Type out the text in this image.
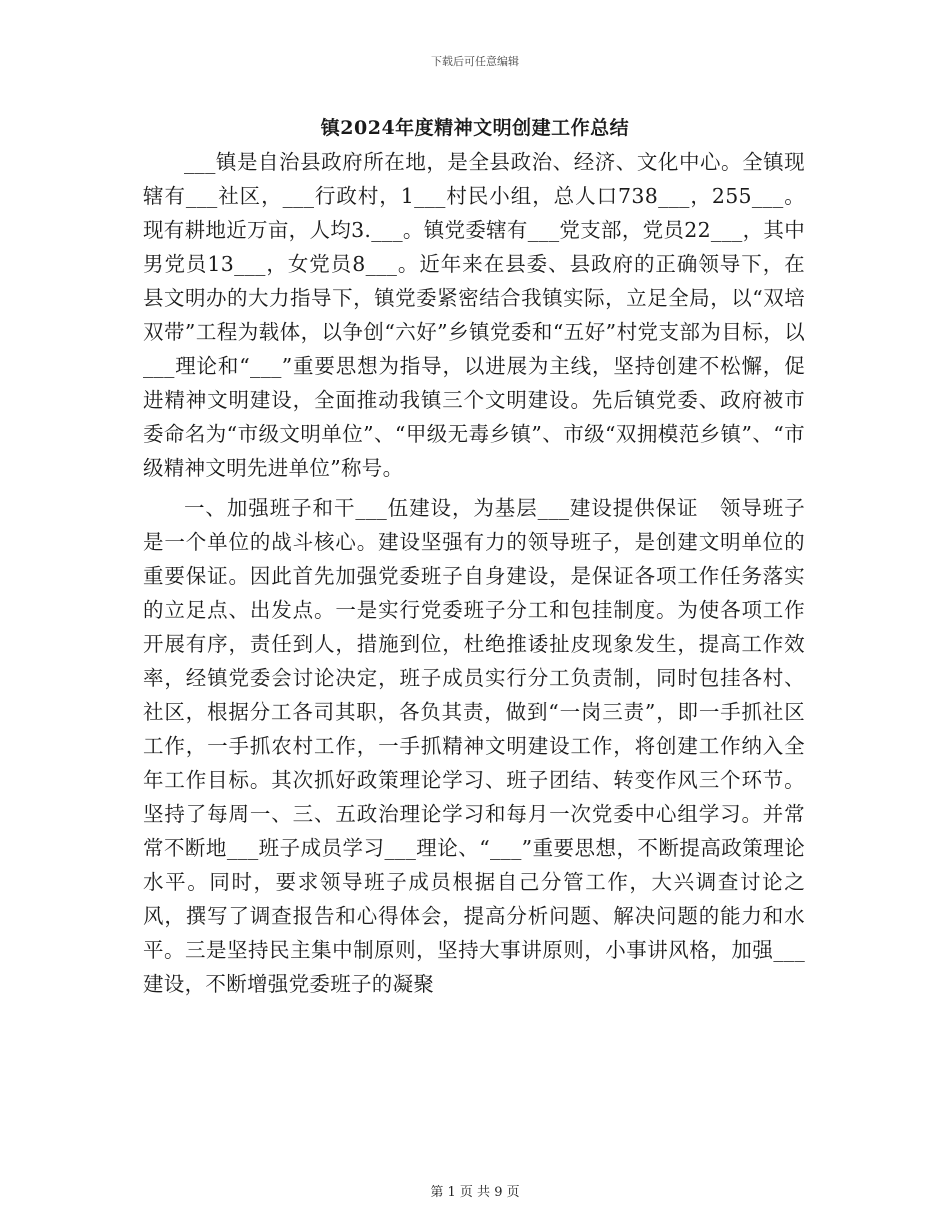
下载后可任意编辑
镇2024年度精神文明创建工作总结

___镇是自治县政府所在地，是全县政治、经济、文化中心。全镇现辖有___社区，___行政村，1___村民小组，总人口738___，255___。现有耕地近万亩，人均3.___。镇党委辖有___党支部，党员22___，其中男党员13___，女党员8___。近年来在县委、县政府的正确领导下，在县文明办的大力指导下，镇党委紧密结合我镇实际，立足全局，以“双培双带”工程为载体，以争创“六好”乡镇党委和“五好”村党支部为目标，以___理论和“___”重要思想为指导，以进展为主线，坚持创建不松懈，促进精神文明建设，全面推动我镇三个文明建设。先后镇党委、政府被市委命名为“市级文明单位”、“甲级无毒乡镇”、市级“双拥模范乡镇”、“市级精神文明先进单位”称号。

一、加强班子和干___伍建设，为基层___建设提供保证　领导班子是一个单位的战斗核心。建设坚强有力的领导班子，是创建文明单位的重要保证。因此首先加强党委班子自身建设，是保证各项工作任务落实的立足点、出发点。一是实行党委班子分工和包挂制度。为使各项工作开展有序，责任到人，措施到位，杜绝推诿扯皮现象发生，提高工作效率，经镇党委会讨论决定，班子成员实行分工负责制，同时包挂各村、社区，根据分工各司其职，各负其责，做到“一岗三责”，即一手抓社区工作，一手抓农村工作，一手抓精神文明建设工作，将创建工作纳入全年工作目标。其次抓好政策理论学习、班子团结、转变作风三个环节。坚持了每周一、三、五政治理论学习和每月一次党委中心组学习。并常常不断地___班子成员学习___理论、“___”重要思想，不断提高政策理论水平。同时，要求领导班子成员根据自己分管工作，大兴调查讨论之风，撰写了调查报告和心得体会，提高分析问题、解决问题的能力和水平。三是坚持民主集中制原则，坚持大事讲原则，小事讲风格，加强___建设，不断增强党委班子的凝聚

第 1 页 共 9 页
